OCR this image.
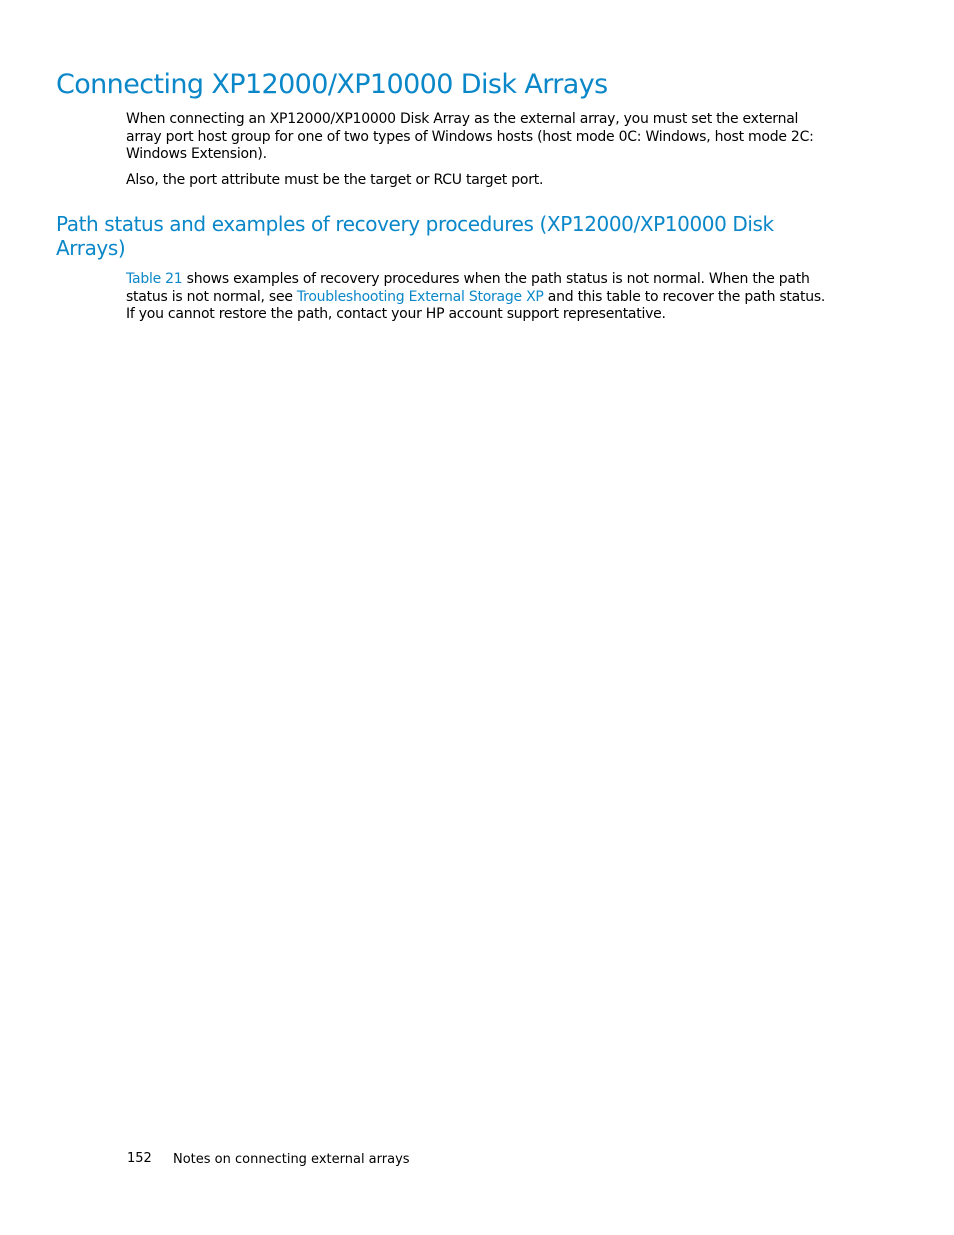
Connecting XP12000/XP10000 Disk Arrays

When connecting an XP12000/XP10000 Disk Array as the external array, you must set the external array port host group for one of two types of Windows hosts (host mode 0C: Windows, host mode 2C: Windows Extension).

Also, the port attribute must be the target or RCU target port.

Path status and examples of recovery procedures (XP12000/XP10000 Disk Arrays)

Table 21 shows examples of recovery procedures when the path status is not normal. When the path status is not normal, see Troubleshooting External Storage XP and this table to recover the path status. If you cannot restore the path, contact your HP account support representative.

152 Notes on connecting external arrays
